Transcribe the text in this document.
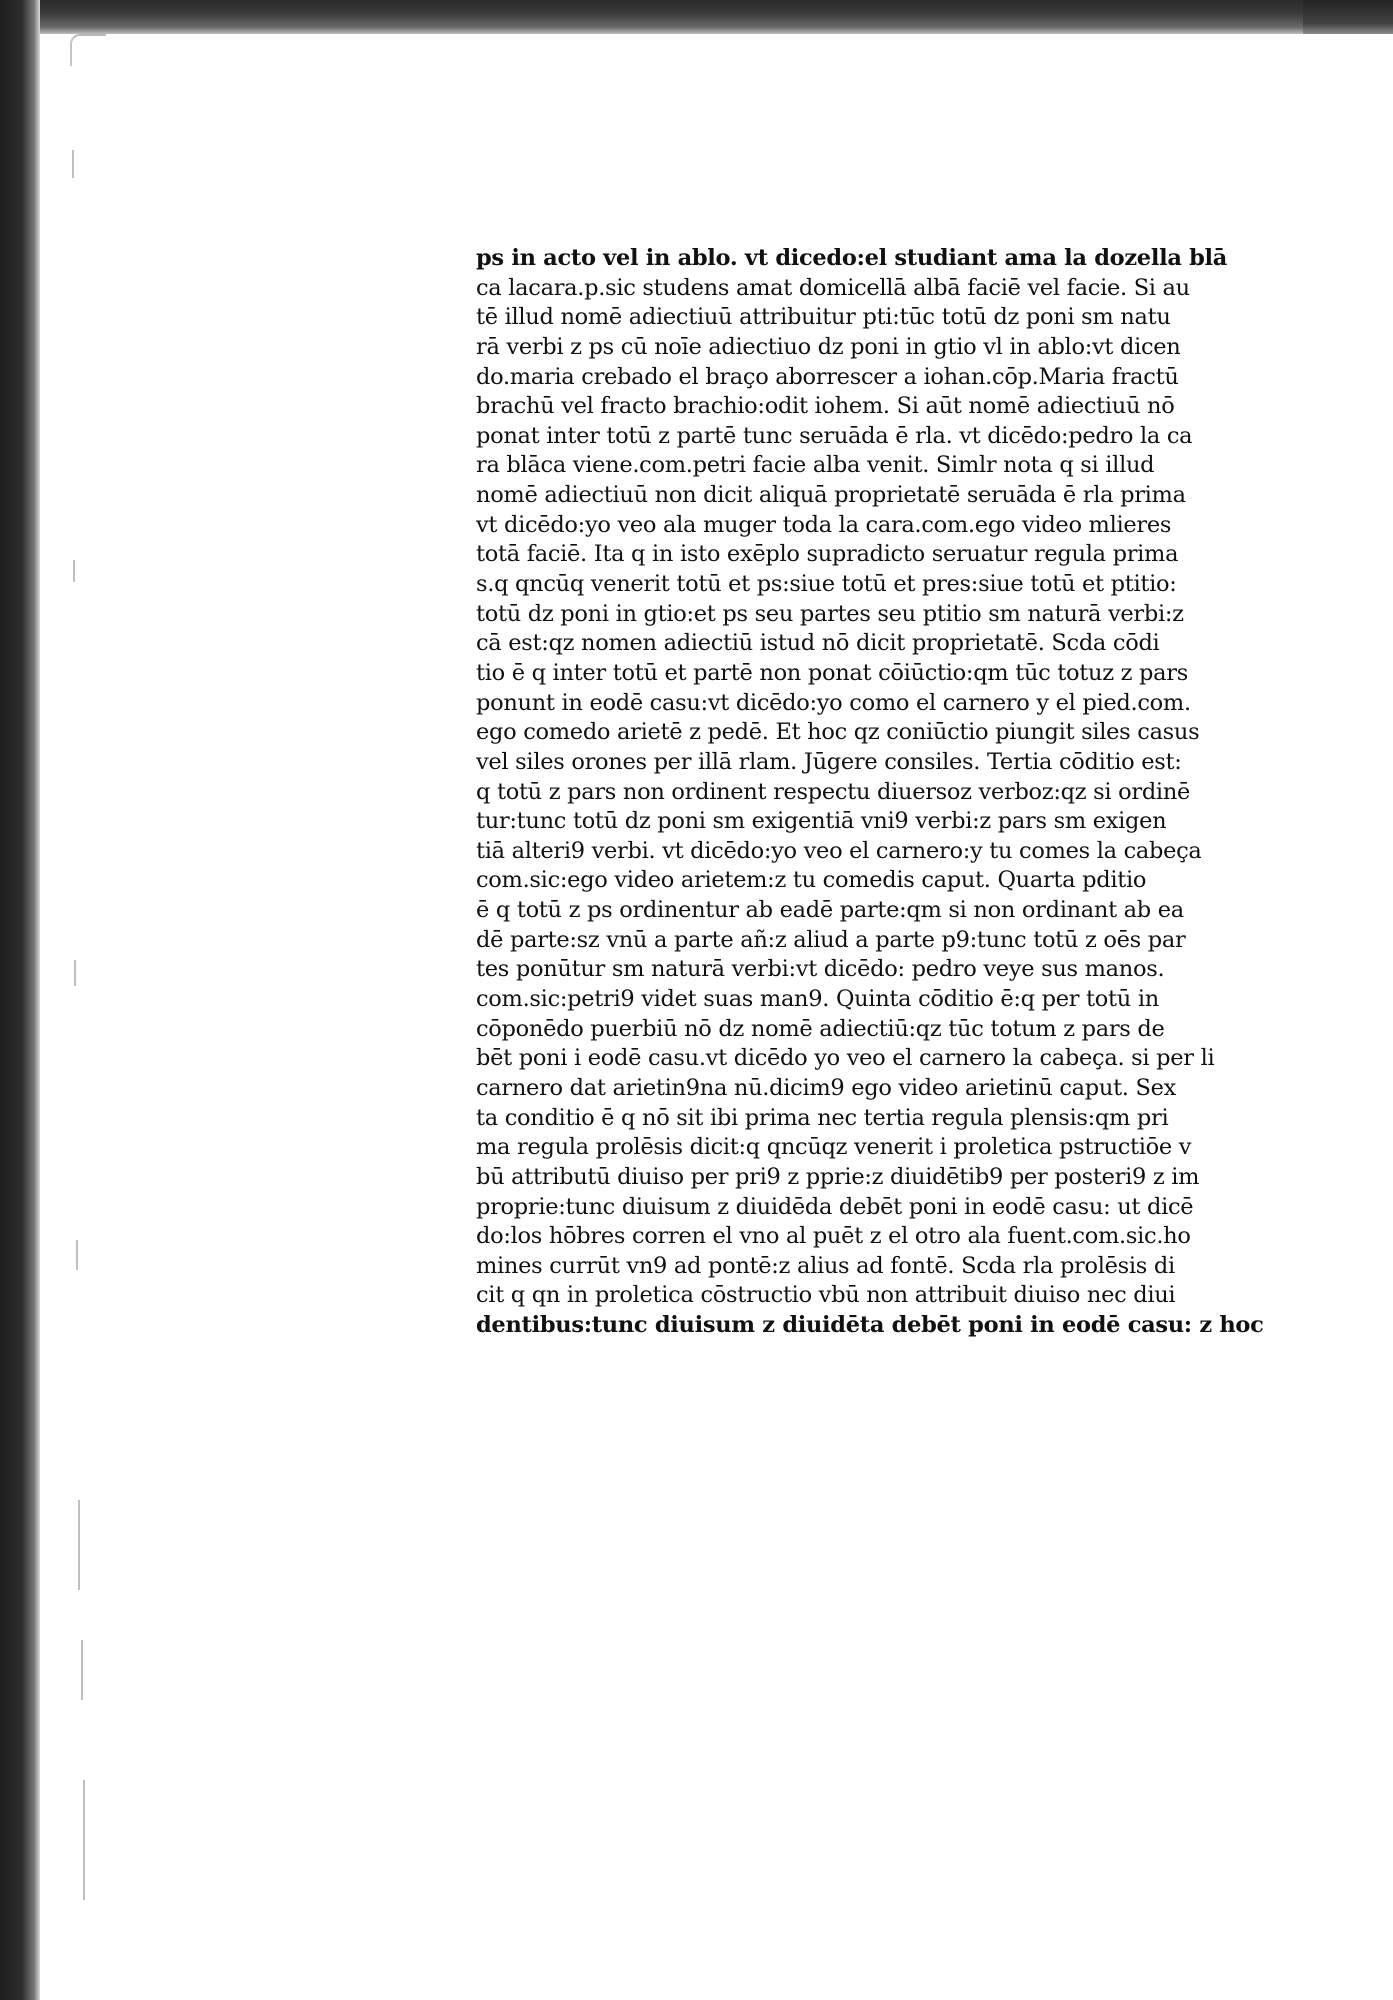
ps in acto vel in ablo. vt dicedo:el studiant ama la dozella blā
ca lacara.p.sic studens amat domicellā albā faciē vel facie. Si au
tē illud nomē adiectiuū attribuitur pti:tūc totū dz poni sm natu
rā verbi z ps cū noīe adiectiuo dz poni in gtio vl in ablo:vt dicen
do.maria crebado el braço aborrescer a iohan.cōp.Maria fractū
brachū vel fracto brachio:odit iohem. Si aūt nomē adiectiuū nō
ponat inter totū z partē tunc seruāda ē rla. vt dicēdo:pedro la ca
ra blāca viene.com.petri facie alba venit. Simlr nota q si illud
nomē adiectiuū non dicit aliquā proprietatē seruāda ē rla prima
vt dicēdo:yo veo ala muger toda la cara.com.ego video mlieres
totā faciē. Ita q in isto exēplo supradicto seruatur regula prima
s.q qncūq venerit totū et ps:siue totū et pres:siue totū et ptitio:
totū dz poni in gtio:et ps seu partes seu ptitio sm naturā verbi:z
cā est:qz nomen adiectiū istud nō dicit proprietatē. Scda cōdi
tio ē q inter totū et partē non ponat cōiūctio:qm tūc totuz z pars
ponunt in eodē casu:vt dicēdo:yo como el carnero y el pied.com.
ego comedo arietē z pedē. Et hoc qz coniūctio piungit siles casus
vel siles orones per illā rlam. Jūgere consiles. Tertia cōditio est:
q totū z pars non ordinent respectu diuersoz verboz:qz si ordinē
tur:tunc totū dz poni sm exigentiā vni9 verbi:z pars sm exigen
tiā alteri9 verbi. vt dicēdo:yo veo el carnero:y tu comes la cabeça
com.sic:ego video arietem:z tu comedis caput. Quarta pditio
ē q totū z ps ordinentur ab eadē parte:qm si non ordinant ab ea
dē parte:sz vnū a parte añ:z aliud a parte p9:tunc totū z oēs par
tes ponūtur sm naturā verbi:vt dicēdo: pedro veye sus manos.
com.sic:petri9 videt suas man9. Quinta cōditio ē:q per totū in
cōponēdo puerbiū nō dz nomē adiectiū:qz tūc totum z pars de
bēt poni i eodē casu.vt dicēdo yo veo el carnero la cabeça. si per li
carnero dat arietin9na nū.dicim9 ego video arietinū caput. Sex
ta conditio ē q nō sit ibi prima nec tertia regula plensis:qm pri
ma regula prolēsis dicit:q qncūqz venerit i proletica pstructiōe v
bū attributū diuiso per pri9 z pprie:z diuidētib9 per posteri9 z im
proprie:tunc diuisum z diuidēda debēt poni in eodē casu: ut dicē
do:los hōbres corren el vno al puēt z el otro ala fuent.com.sic.ho
mines currūt vn9 ad pontē:z alius ad fontē. Scda rla prolēsis di
cit q qn in proletica cōstructio vbū non attribuit diuiso nec diui
dentibus:tunc diuisum z diuidēta debēt poni in eodē casu: z hoc
